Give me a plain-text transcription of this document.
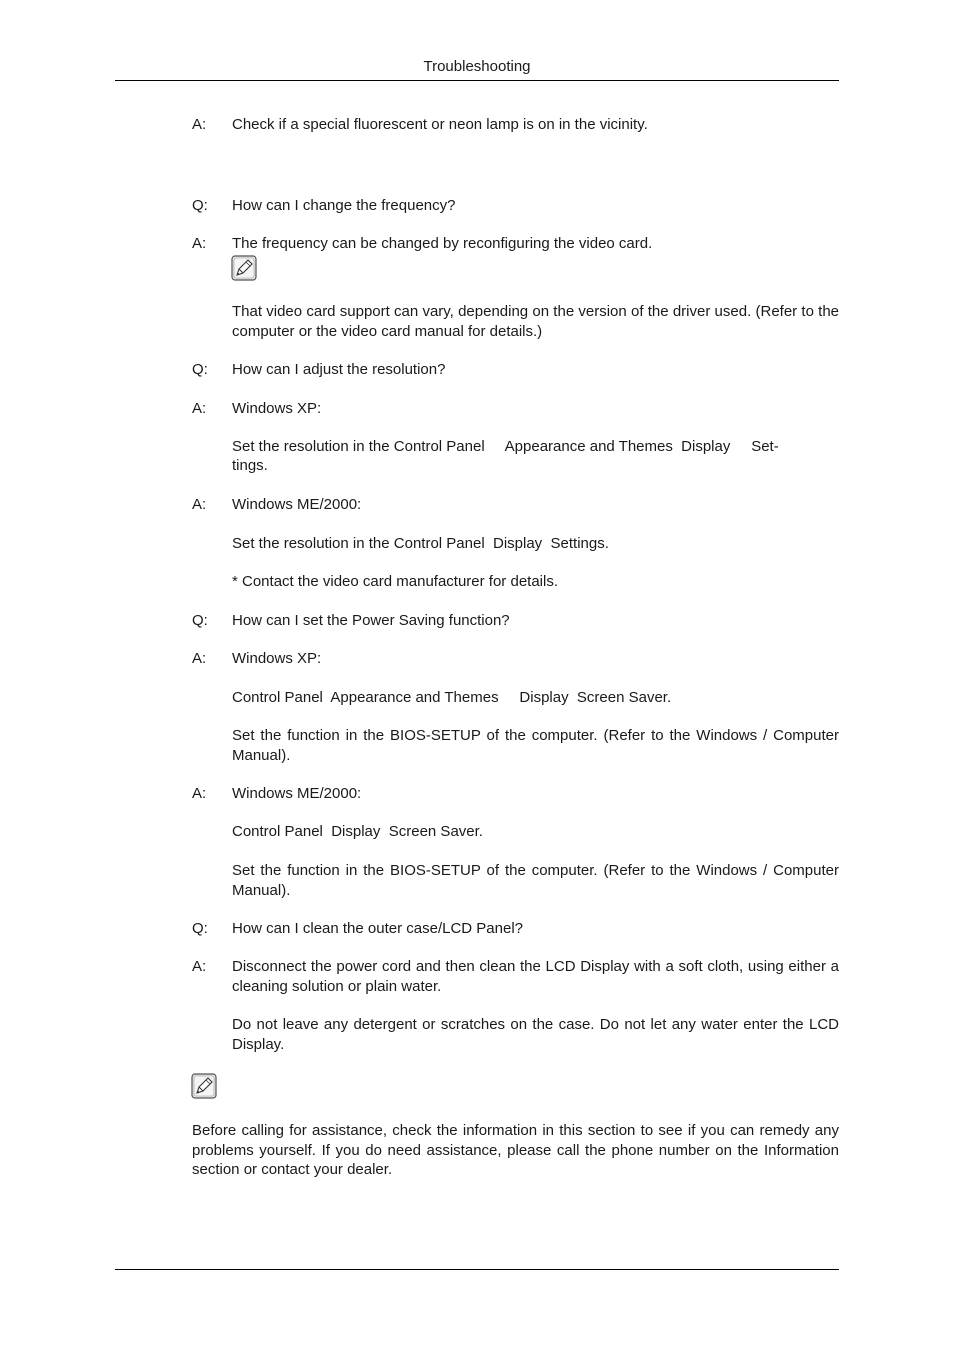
Troubleshooting
A: Check if a special fluorescent or neon lamp is on in the vicinity.
Q: How can I change the frequency?
A: The frequency can be changed by reconfiguring the video card.
That video card support can vary, depending on the version of the driver used. (Refer to the computer or the video card manual for details.)
Q: How can I adjust the resolution?
A: Windows XP:
Set the resolution in the Control Panel     Appearance and Themes  Display     Set-
tings.
A: Windows ME/2000:
Set the resolution in the Control Panel  Display  Settings.
* Contact the video card manufacturer for details.
Q: How can I set the Power Saving function?
A: Windows XP:
Control Panel  Appearance and Themes     Display  Screen Saver.
Set the function in the BIOS-SETUP of the computer. (Refer to the Windows / Computer Manual).
A: Windows ME/2000:
Control Panel  Display  Screen Saver.
Set the function in the BIOS-SETUP of the computer. (Refer to the Windows / Computer Manual).
Q: How can I clean the outer case/LCD Panel?
A: Disconnect the power cord and then clean the LCD Display with a soft cloth, using either a cleaning solution or plain water.
Do not leave any detergent or scratches on the case. Do not let any water enter the LCD Display.
Before calling for assistance, check the information in this section to see if you can remedy any problems yourself. If you do need assistance, please call the phone number on the Information section or contact your dealer.
